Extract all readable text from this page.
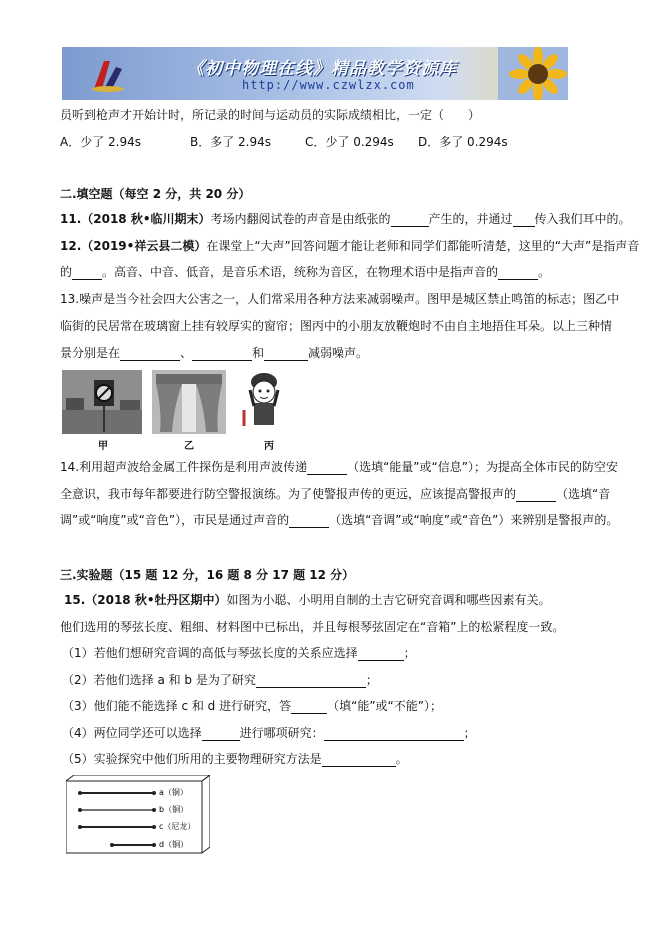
《初中物理在线》精品教学资源库
http://www.czwlzx.com
员听到枪声才开始计时，所记录的时间与运动员的实际成绩相比，一定（　　）
A．少了 2.94s	B．多了 2.94s	C．少了 0.294s D．多了 0.294s
二.填空题（每空 2 分，共 20 分）
11.（2018 秋•临川期末）考场内翻阅试卷的声音是由纸张的	产生的，并通过 传入我们耳中的。
12.（2019•祥云县二模）在课堂上“大声”回答问题才能让老师和同学们都能听清楚，这里的“大声”是指声音
的	。高音、中音、低音，是音乐术语，统称为音区，在物理术语中是指声音的	。
13.噪声是当今社会四大公害之一，人们常采用各种方法来减弱噪声。图甲是城区禁止鸣笛的标志；图乙中
临街的民居常在玻璃窗上挂有较厚实的窗帘；图丙中的小朋友放鞭炮时不由自主地捂住耳朵。以上三种情
景分别是在	、	和	减弱噪声。
甲	乙	丙
14.利用超声波给金属工件探伤是利用声波传递	（选填“能量”或“信息”）；为提高全体市民的防空安
全意识，我市每年都要进行防空警报演练。为了使警报声传的更远，应该提高警报声的	（选填“音
调”或“响度”或“音色”），市民是通过声音的	（选填“音调”或“响度”或“音色”）来辨别是警报声的。
三.实验题（15 题 12 分，16 题 8 分 17 题 12 分）
15.（2018 秋•牡丹区期中）如图为小聪、小明用自制的土吉它研究音调和哪些因素有关。
他们选用的琴弦长度、粗细、材料图中已标出，并且每根琴弦固定在“音箱”上的松紧程度一致。
（1）若他们想研究音调的高低与琴弦长度的关系应选择	；
（2）若他们选择 a 和 b 是为了研究	；
（3）他们能不能选择 c 和 d 进行研究，答	（填“能”或“不能”）；
（4）两位同学还可以选择	进行哪项研究：	；
（5）实验探究中他们所用的主要物理研究方法是	。
a（铜）
b（铜）
c（尼龙）
d（铜）
